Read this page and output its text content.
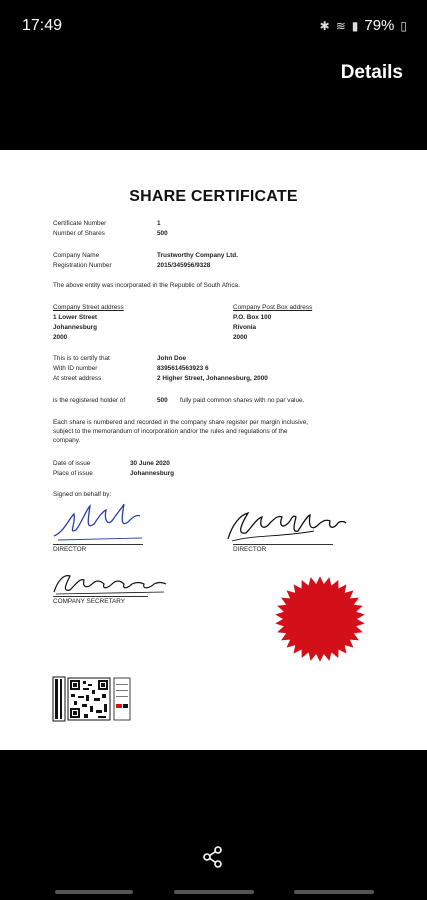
17:49	✱ ≋ ▮ 79% ▯
Details
SHARE CERTIFICATE
Certificate Number	1
Number of Shares	500
Company Name	Trustworthy Company Ltd.
Registration Number	2015/345956/9328
The above entity was incorporated in the Republic of South Africa.
Company Street address
1 Lower Street
Johannesburg
2000
Company Post Box address
P.O. Box 100
Rivonia
2000
This is to certify that	John Doe
With ID number	8395614563923 6
At street address	2 Higher Street, Johannesburg, 2000
is the registered holder of	500 fully paid common shares with no par value.
Each share is numbered and recorded in the company share register per margin inclusive,
subject to the memorandum of incorporation and/or the rules and regulations of the
company.
Date of issue	30 June 2020
Place of issue	Johannesburg
Signed on behalf by:
DIRECTOR	DIRECTOR
COMPANY SECRETARY
